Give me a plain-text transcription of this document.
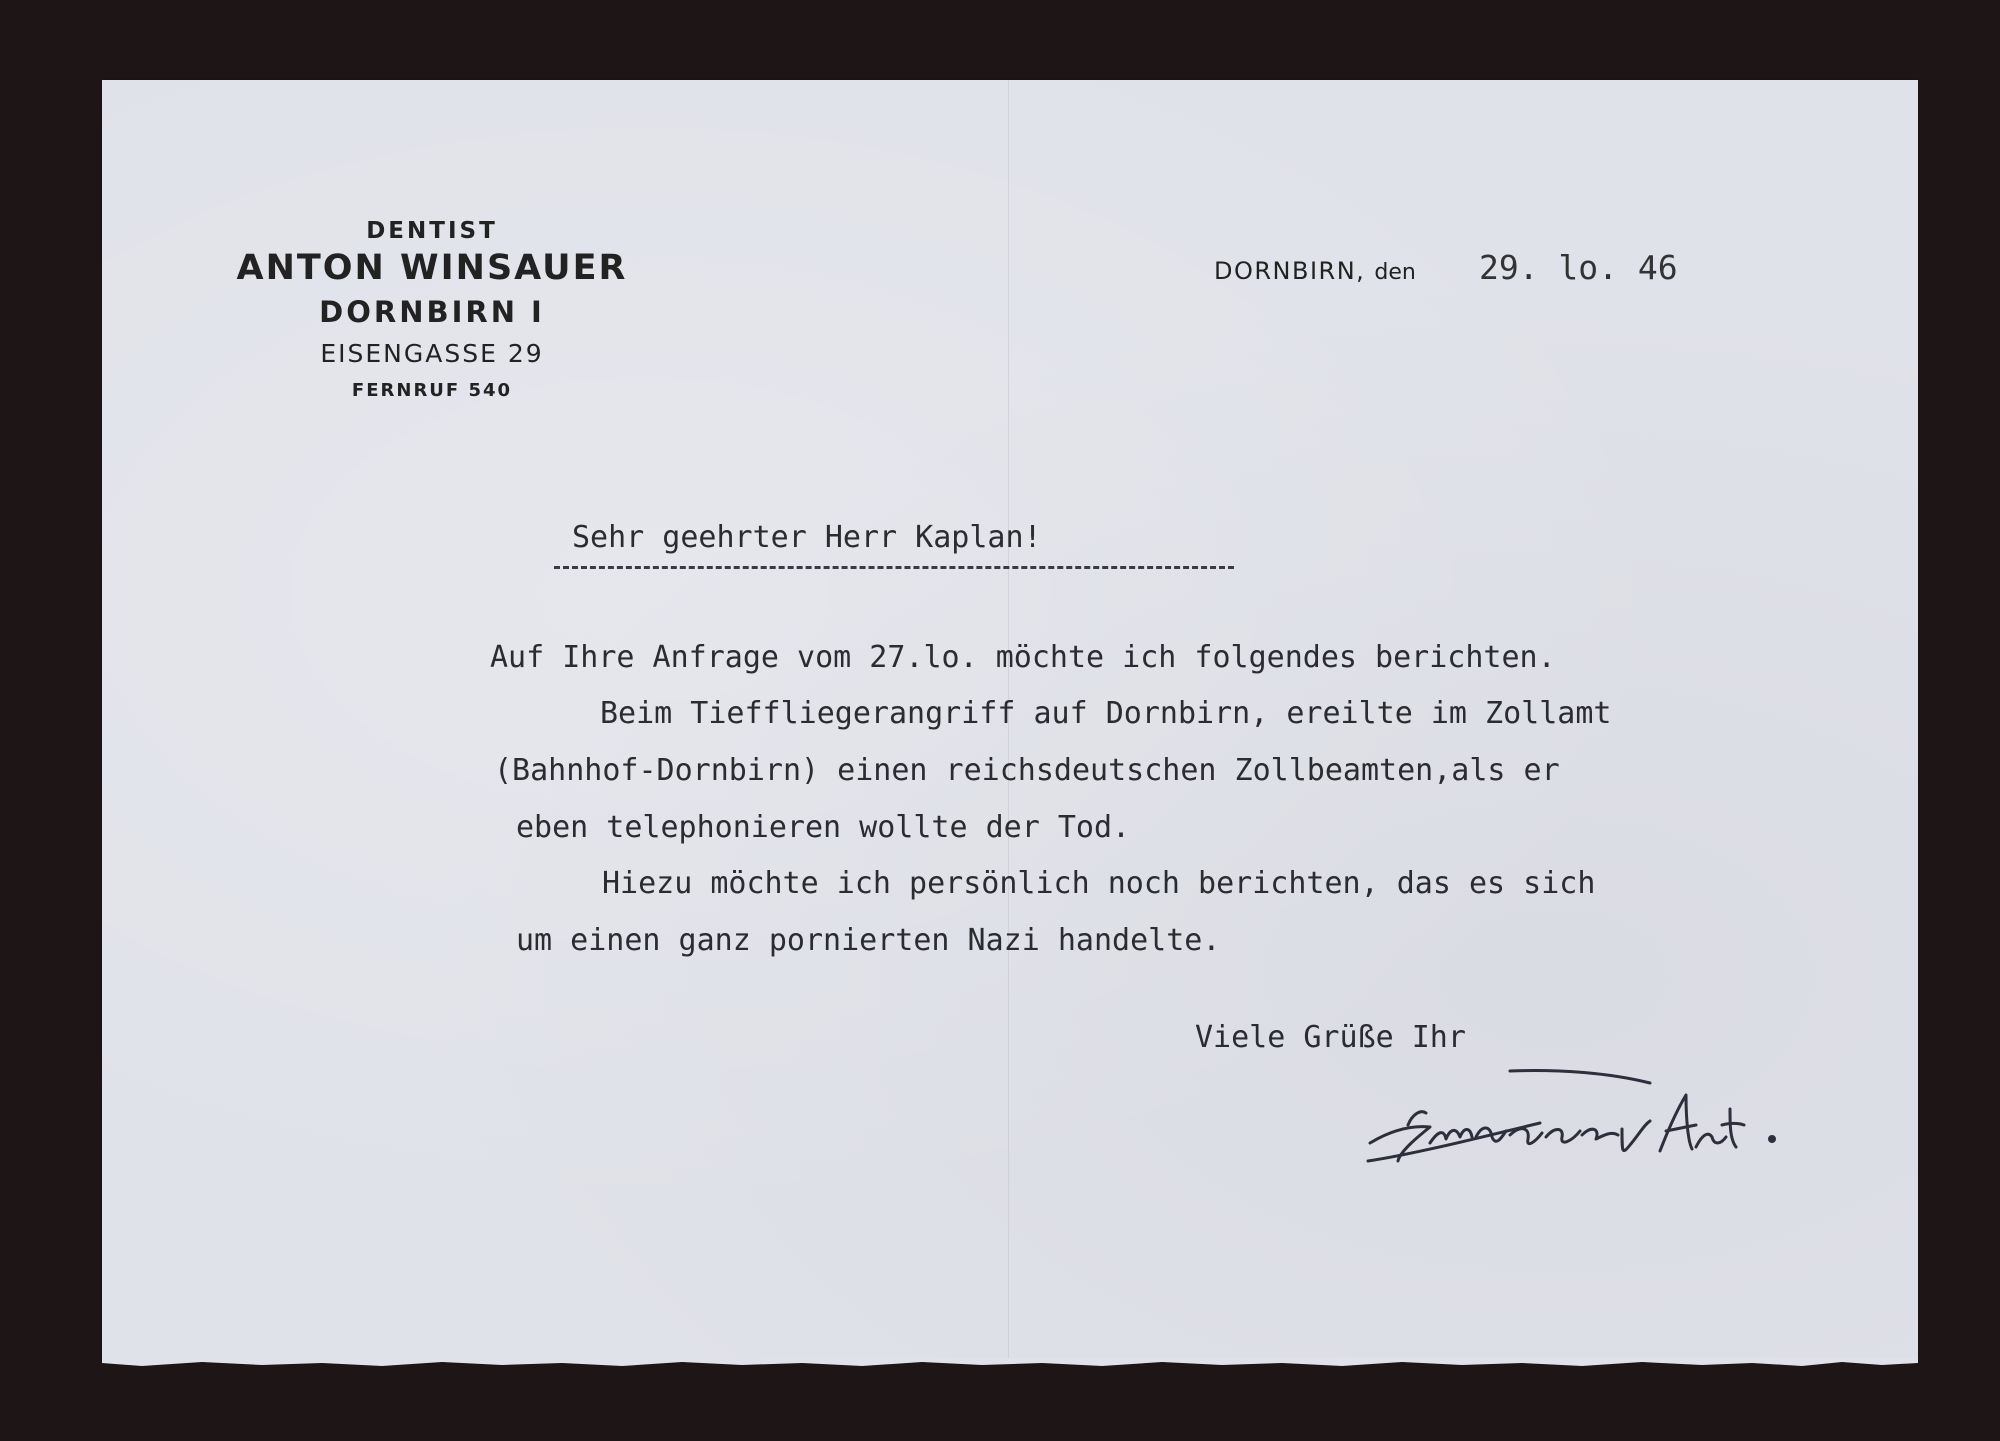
DENTIST
ANTON WINSAUER
DORNBIRN I
EISENGASSE 29
FERNRUF 540
DORNBIRN, den 29. lo. 46
Sehr geehrter Herr Kaplan!
Auf Ihre Anfrage vom 27.lo. möchte ich folgendes berichten.
Beim Tieffliegerangriff auf Dornbirn, ereilte im Zollamt
(Bahnhof-Dornbirn) einen reichsdeutschen Zollbeamten,als er
eben telephonieren wollte der Tod.
Hiezu möchte ich persönlich noch berichten, das es sich
um einen ganz pornierten Nazi handelte.
Viele Grüße Ihr
